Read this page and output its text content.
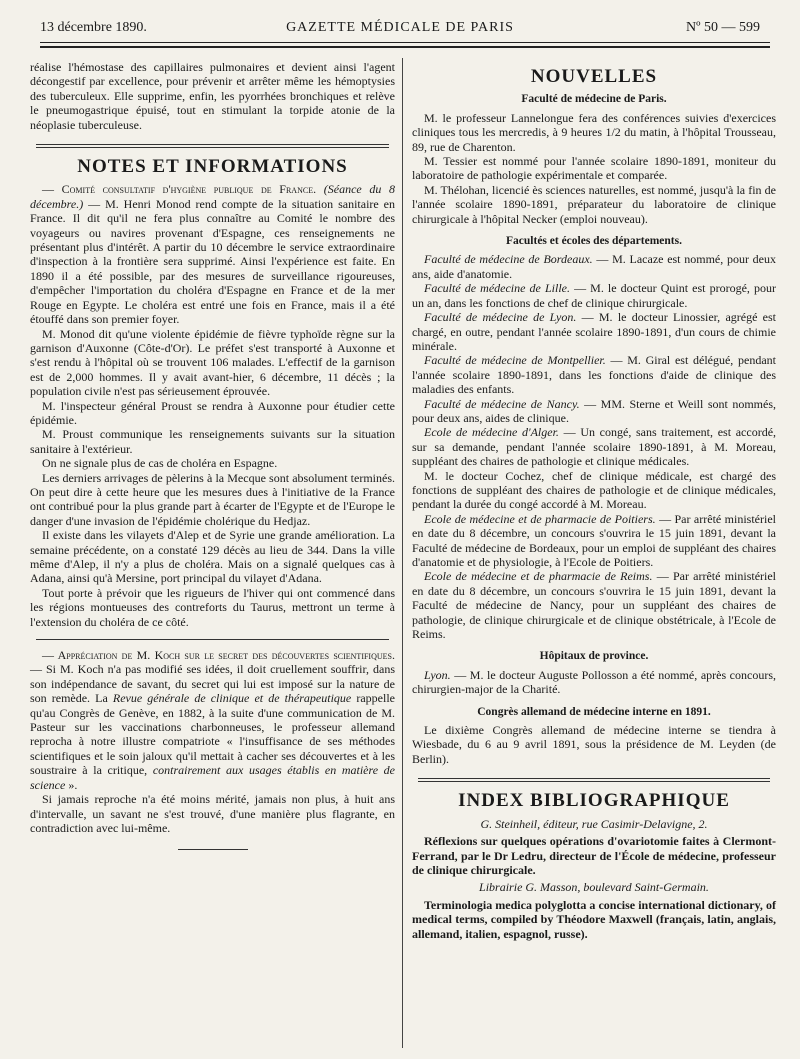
13 décembre 1890.	GAZETTE MÉDICALE DE PARIS	Nº 50 — 599

réalise l'hémostase des capillaires pulmonaires et devient ainsi l'agent décongestif par excellence, pour prévenir et arrêter même les hémoptysies des tuberculeux. Elle supprime, enfin, les pyorrhées bronchiques et relève le pneumogastrique épuisé, tout en stimulant la torpide atonie de la néoplasie tuberculeuse.

NOTES ET INFORMATIONS

— Comité consultatif d'hygiène publique de France. (Séance du 8 décembre.) — M. Henri Monod rend compte de la situation sanitaire en France. Il dit qu'il ne fera plus connaître au Comité le nombre des voyageurs ou navires provenant d'Espagne, ces renseignements ne présentant plus d'intérêt. A partir du 10 décembre le service extraordinaire d'inspection à la frontière sera supprimé. Ainsi l'expérience est faite. En 1890 il a été possible, par des mesures de surveillance rigoureuses, d'empêcher l'importation du choléra d'Espagne en France et de la mer Rouge en Egypte. Le choléra est entré une fois en France, mais il a été étouffé dans son premier foyer.

M. Monod dit qu'une violente épidémie de fièvre typhoïde règne sur la garnison d'Auxonne (Côte-d'Or). Le préfet s'est transporté à Auxonne et s'est rendu à l'hôpital où se trouvent 106 malades. L'effectif de la garnison est de 2,000 hommes. Il y avait avant-hier, 6 décembre, 11 décès ; la population civile n'est pas sérieusement éprouvée.

M. l'inspecteur général Proust se rendra à Auxonne pour étudier cette épidémie.

M. Proust communique les renseignements suivants sur la situation sanitaire à l'extérieur.

On ne signale plus de cas de choléra en Espagne.

Les derniers arrivages de pèlerins à la Mecque sont absolument terminés. On peut dire à cette heure que les mesures dues à l'initiative de la France ont contribué pour la plus grande part à écarter de l'Egypte et de l'Europe le danger d'une invasion de l'épidémie cholérique du Hedjaz.

Il existe dans les vilayets d'Alep et de Syrie une grande amélioration. La semaine précédente, on a constaté 129 décès au lieu de 344. Dans la ville même d'Alep, il n'y a plus de choléra. Mais on a signalé quelques cas à Adana, ainsi qu'à Mersine, port principal du vilayet d'Adana.

Tout porte à prévoir que les rigueurs de l'hiver qui ont commencé dans les régions montueuses des contreforts du Taurus, mettront un terme à l'extension du choléra de ce côté.

— Appréciation de M. Koch sur le secret des découvertes scientifiques. — Si M. Koch n'a pas modifié ses idées, il doit cruellement souffrir, dans son indépendance de savant, du secret qui lui est imposé sur la nature de son remède. La Revue générale de clinique et de thérapeutique rappelle qu'au Congrès de Genève, en 1882, à la suite d'une communication de M. Pasteur sur les vaccinations charbonneuses, le professeur allemand reprocha à notre illustre compatriote « l'insuffisance de ses méthodes scientifiques et le soin jaloux qu'il mettait à cacher ses découvertes et à les soustraire à la critique, contrairement aux usages établis en matière de science ».

Si jamais reproche n'a été moins mérité, jamais non plus, à huit ans d'intervalle, un savant ne s'est trouvé, d'une manière plus flagrante, en contradiction avec lui-même.

NOUVELLES
Faculté de médecine de Paris.

M. le professeur Lannelongue fera des conférences suivies d'exercices cliniques tous les mercredis, à 9 heures 1/2 du matin, à l'hôpital Trousseau, 89, rue de Charenton.

M. Tessier est nommé pour l'année scolaire 1890-1891, moniteur du laboratoire de pathologie expérimentale et comparée.

M. Thélohan, licencié ès sciences naturelles, est nommé, jusqu'à la fin de l'année scolaire 1890-1891, préparateur du laboratoire de clinique chirurgicale à l'hôpital Necker (emploi nouveau).

Facultés et écoles des départements.

Faculté de médecine de Bordeaux. — M. Lacaze est nommé, pour deux ans, aide d'anatomie.

Faculté de médecine de Lille. — M. le docteur Quint est prorogé, pour un an, dans les fonctions de chef de clinique chirurgicale.

Faculté de médecine de Lyon. — M. le docteur Linossier, agrégé est chargé, en outre, pendant l'année scolaire 1890-1891, d'un cours de chimie minérale.

Faculté de médecine de Montpellier. — M. Giral est délégué, pendant l'année scolaire 1890-1891, dans les fonctions d'aide de clinique des maladies des enfants.

Faculté de médecine de Nancy. — MM. Sterne et Weill sont nommés, pour deux ans, aides de clinique.

Ecole de médecine d'Alger. — Un congé, sans traitement, est accordé, sur sa demande, pendant l'année scolaire 1890-1891, à M. Moreau, suppléant des chaires de pathologie et clinique médicales.

M. le docteur Cochez, chef de clinique médicale, est chargé des fonctions de suppléant des chaires de pathologie et de clinique médicales, pendant la durée du congé accordé à M. Moreau.

Ecole de médecine et de pharmacie de Poitiers. — Par arrêté ministériel en date du 8 décembre, un concours s'ouvrira le 15 juin 1891, devant la Faculté de médecine de Bordeaux, pour un emploi de suppléant des chaires d'anatomie et de physiologie, à l'Ecole de Poitiers.

Ecole de médecine et de pharmacie de Reims. — Par arrêté ministériel en date du 8 décembre, un concours s'ouvrira le 15 juin 1891, devant la Faculté de médecine de Nancy, pour un suppléant des chaires de pathologie, de clinique chirurgicale et de clinique obstétricale, à l'Ecole de Reims.

Hôpitaux de province.

Lyon. — M. le docteur Auguste Pollosson a été nommé, après concours, chirurgien-major de la Charité.

Congrès allemand de médecine interne en 1891.

Le dixième Congrès allemand de médecine interne se tiendra à Wiesbade, du 6 au 9 avril 1891, sous la présidence de M. Leyden (de Berlin).

INDEX BIBLIOGRAPHIQUE
G. Steinheil, éditeur, rue Casimir-Delavigne, 2.

Réflexions sur quelques opérations d'ovariotomie faites à Clermont-Ferrand, par le Dr Ledru, directeur de l'École de médecine, professeur de clinique chirurgicale.

Librairie G. Masson, boulevard Saint-Germain.

Terminologia medica polyglotta a concise international dictionary, of medical terms, compiled by Théodore Maxwell (français, latin, anglais, allemand, italien, espagnol, russe).
